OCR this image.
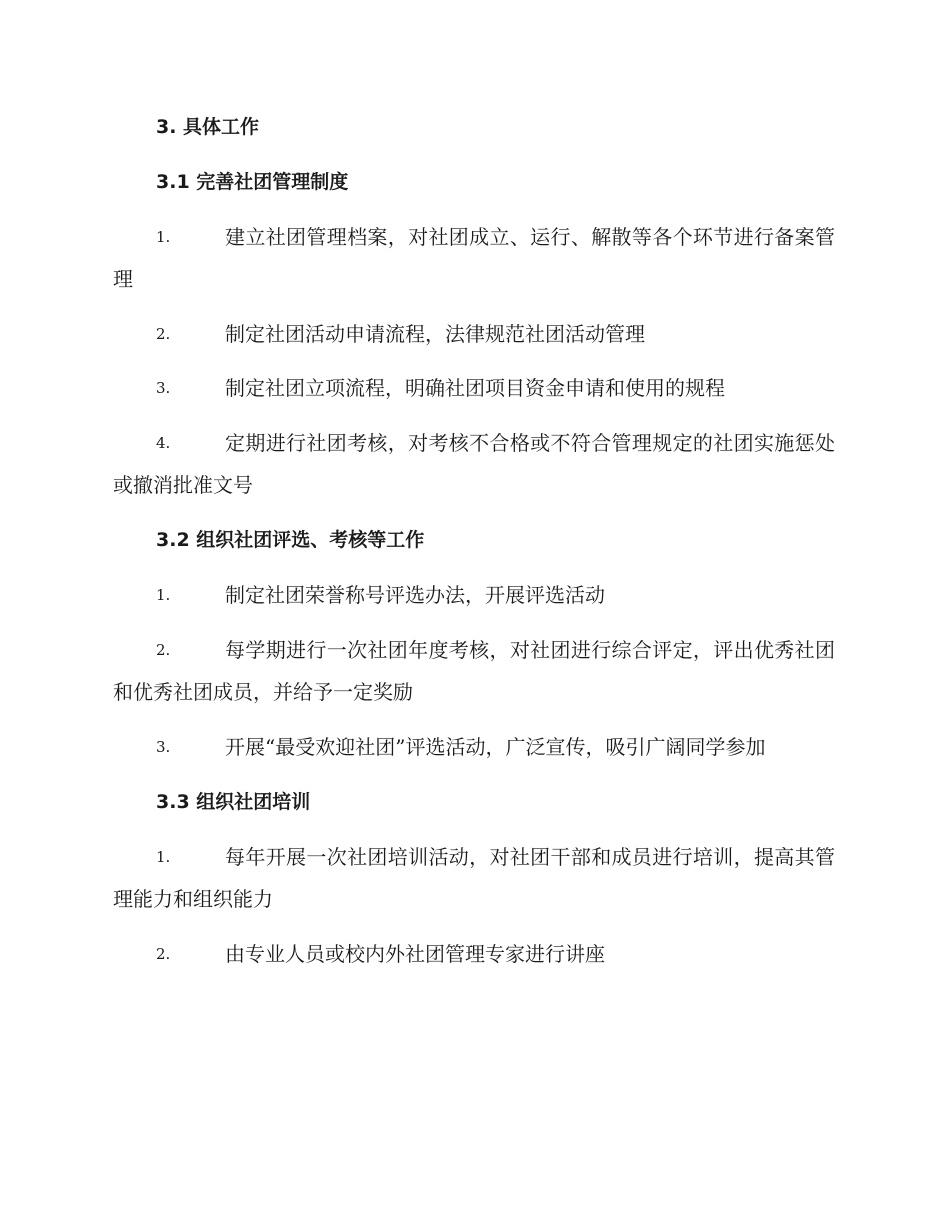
3. 具体工作
3.1 完善社团管理制度
1.	建立社团管理档案，对社团成立、运行、解散等各个环节进行备案管理

2.	制定社团活动申请流程，法律规范社团活动管理

3.	制定社团立项流程，明确社团项目资金申请和使用的规程

4.	定期进行社团考核，对考核不合格或不符合管理规定的社团实施惩处或撤消批准文号

3.2 组织社团评选、考核等工作
1.	制定社团荣誉称号评选办法，开展评选活动

2.	每学期进行一次社团年度考核，对社团进行综合评定，评出优秀社团和优秀社团成员，并给予一定奖励

3.	开展“最受欢迎社团”评选活动，广泛宣传，吸引广阔同学参加

3.3 组织社团培训
1.	每年开展一次社团培训活动，对社团干部和成员进行培训，提高其管理能力和组织能力

2.	由专业人员或校内外社团管理专家进行讲座
